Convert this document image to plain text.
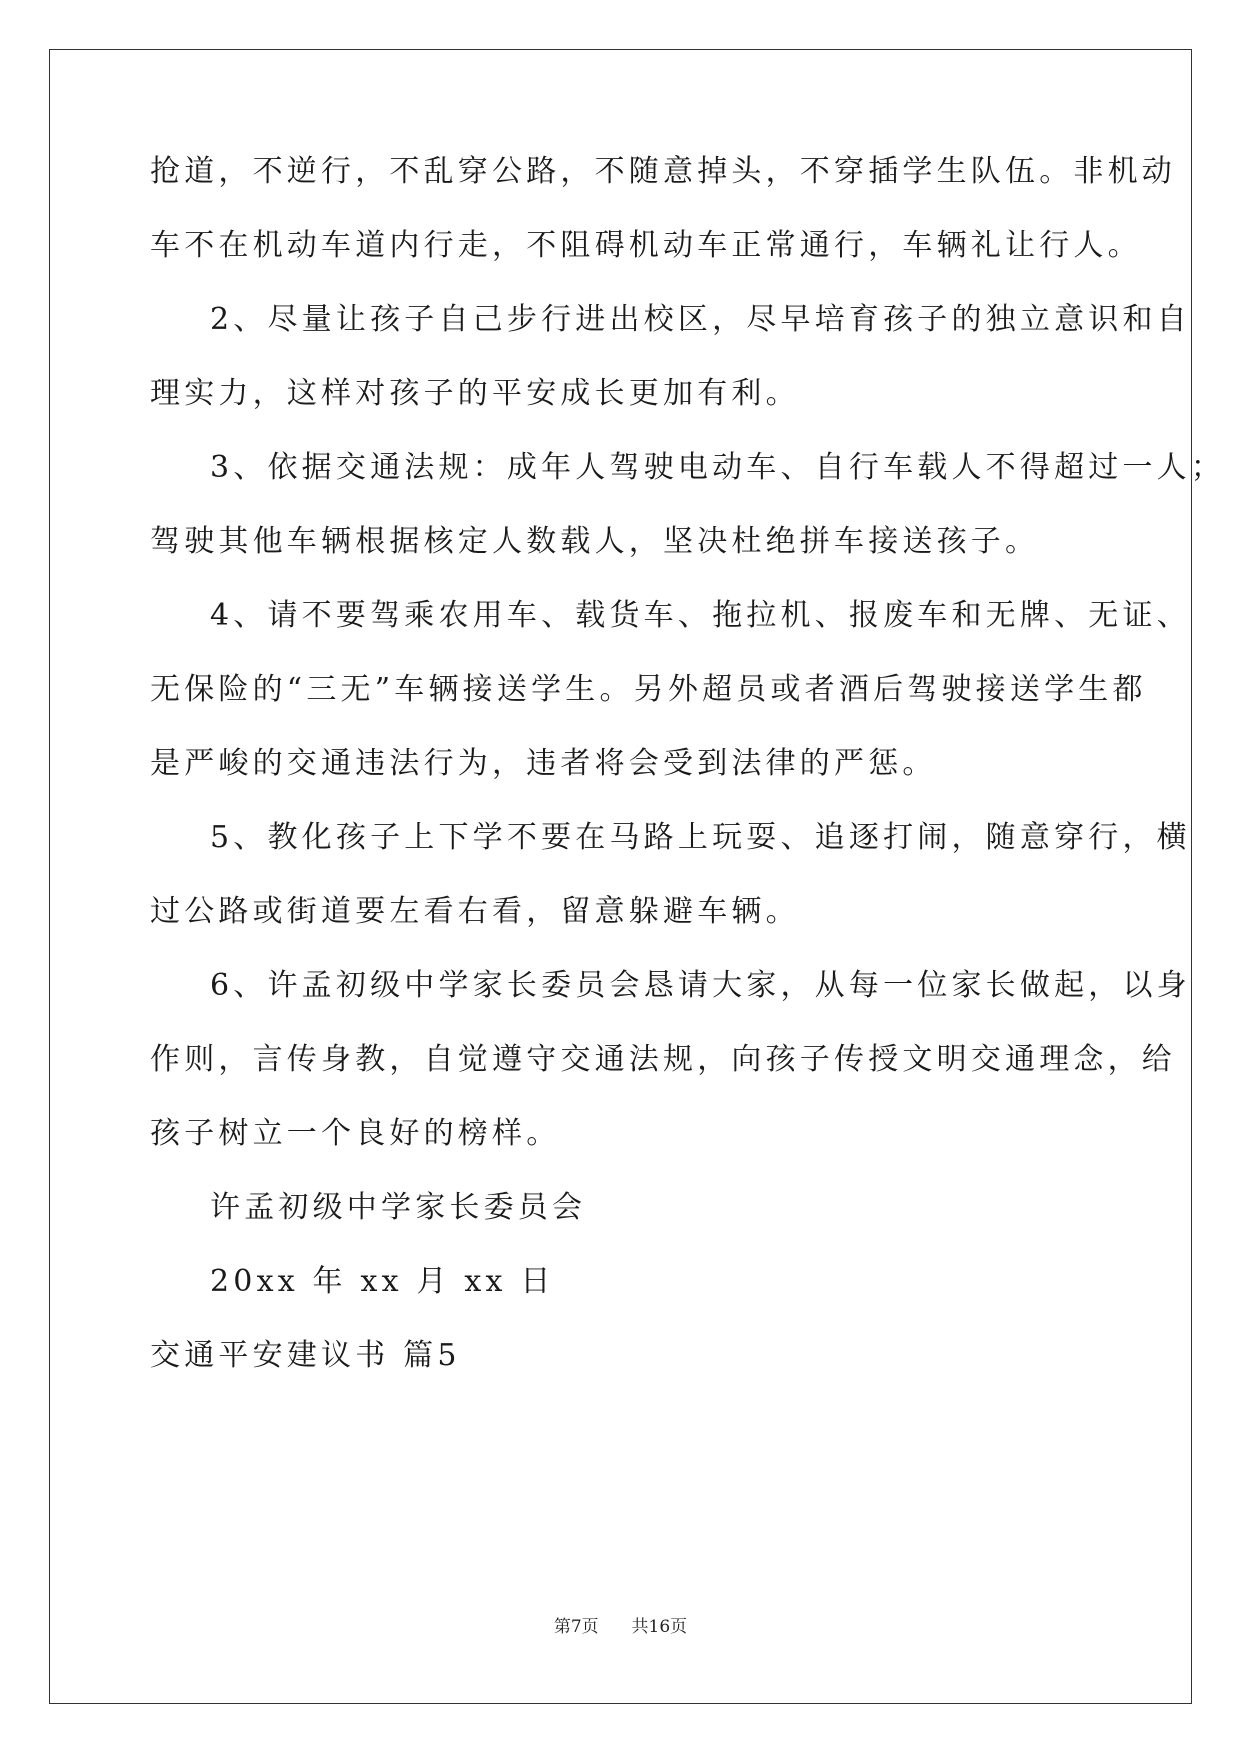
抢道，不逆行，不乱穿公路，不随意掉头，不穿插学生队伍。非机动
车不在机动车道内行走，不阻碍机动车正常通行，车辆礼让行人。
2、尽量让孩子自己步行进出校区，尽早培育孩子的独立意识和自
理实力，这样对孩子的平安成长更加有利。
3、依据交通法规：成年人驾驶电动车、自行车载人不得超过一人；
驾驶其他车辆根据核定人数载人，坚决杜绝拼车接送孩子。
4、请不要驾乘农用车、载货车、拖拉机、报废车和无牌、无证、
无保险的“三无”车辆接送学生。另外超员或者酒后驾驶接送学生都
是严峻的交通违法行为，违者将会受到法律的严惩。
5、教化孩子上下学不要在马路上玩耍、追逐打闹，随意穿行，横
过公路或街道要左看右看，留意躲避车辆。
6、许孟初级中学家长委员会恳请大家，从每一位家长做起，以身
作则，言传身教，自觉遵守交通法规，向孩子传授文明交通理念，给
孩子树立一个良好的榜样。
许孟初级中学家长委员会
20xx 年 xx 月 xx 日
交通平安建议书 篇5
第7页 共16页
